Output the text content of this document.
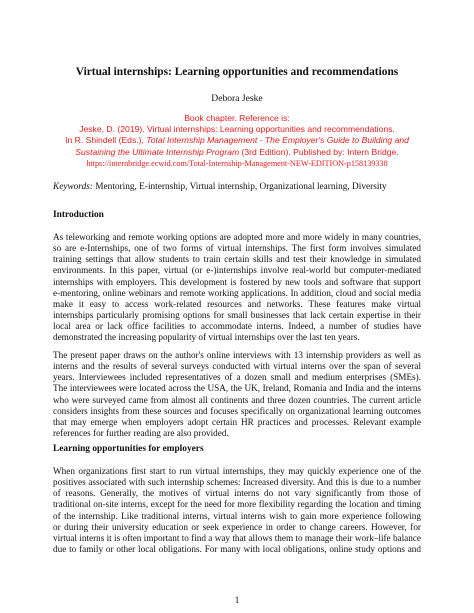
Virtual internships: Learning opportunities and recommendations
Debora Jeske
Book chapter. Reference is:
Jeske, D. (2019). Virtual internships: Learning opportunities and recommendations.
In R. Shindell (Eds.), Total Internship Management - The Employer's Guide to Building and
Sustaining the Ultimate Internship Program (3rd Edition). Published by: Intern Bridge.
https://internbridge.ecwid.com/Total-Internship-Management-NEW-EDITION-p158139338
Keywords: Mentoring, E-internship, Virtual internship, Organizational learning, Diversity
Introduction
As teleworking and remote working options are adopted more and more widely in many countries,
so are e-Internships, one of two forms of virtual internships. The first form involves simulated
training settings that allow students to train certain skills and test their knowledge in simulated
environments. In this paper, virtual (or e-)internships involve real-world but computer-mediated
internships with employers. This development is fostered by new tools and software that support
e-mentoring, online webinars and remote working applications. In addition, cloud and social media
make it easy to access work-related resources and networks. These features make virtual
internships particularly promising options for small businesses that lack certain expertise in their
local area or lack office facilities to accommodate interns. Indeed, a number of studies have
demonstrated the increasing popularity of virtual internships over the last ten years.
The present paper draws on the author's online interviews with 13 internship providers as well as
interns and the results of several surveys conducted with virtual interns over the span of several
years. Interviewees included representatives of a dozen small and medium enterprises (SMEs).
The interviewees were located across the USA, the UK, Ireland, Romania and India and the interns
who were surveyed came from almost all continents and three dozen countries. The current article
considers insights from these sources and focuses specifically on organizational learning outcomes
that may emerge when employers adopt certain HR practices and processes. Relevant example
references for further reading are also provided.
Learning opportunities for employers
When organizations first start to run virtual internships, they may quickly experience one of the
positives associated with such internship schemes: Increased diversity. And this is due to a number
of reasons. Generally, the motives of virtual interns do not vary significantly from those of
traditional on-site interns, except for the need for more flexibility regarding the location and timing
of the internship. Like traditional interns, virtual interns wish to gain more experience following
or during their university education or seek experience in order to change careers. However, for
virtual interns it is often important to find a way that allows them to manage their work–life balance
due to family or other local obligations. For many with local obligations, online study options and
1
